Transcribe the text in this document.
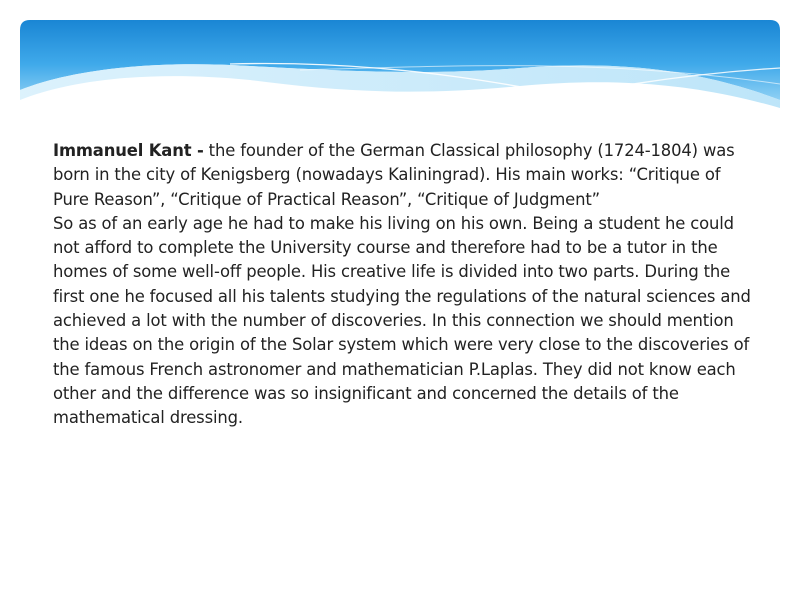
Immanuel Kant - the founder of the German Classical philosophy (1724-1804) was born in the city of Kenigsberg (nowadays Kaliningrad). His main works: “Critique of Pure Reason”, “Critique of Practical Reason”, “Critique of Judgment”

So as of an early age he had to make his living on his own. Being a student he could not afford to complete the University course and therefore had to be a tutor in the homes of some well-off people. His creative life is divided into two parts. During the first one he focused all his talents studying the regulations of the natural sciences and achieved a lot with the number of discoveries. In this connection we should mention the ideas on the origin of the Solar system which were very close to the discoveries of the famous French astronomer and mathematician P.Laplas. They did not know each other and the difference was so insignificant and concerned the details of the mathematical dressing.
